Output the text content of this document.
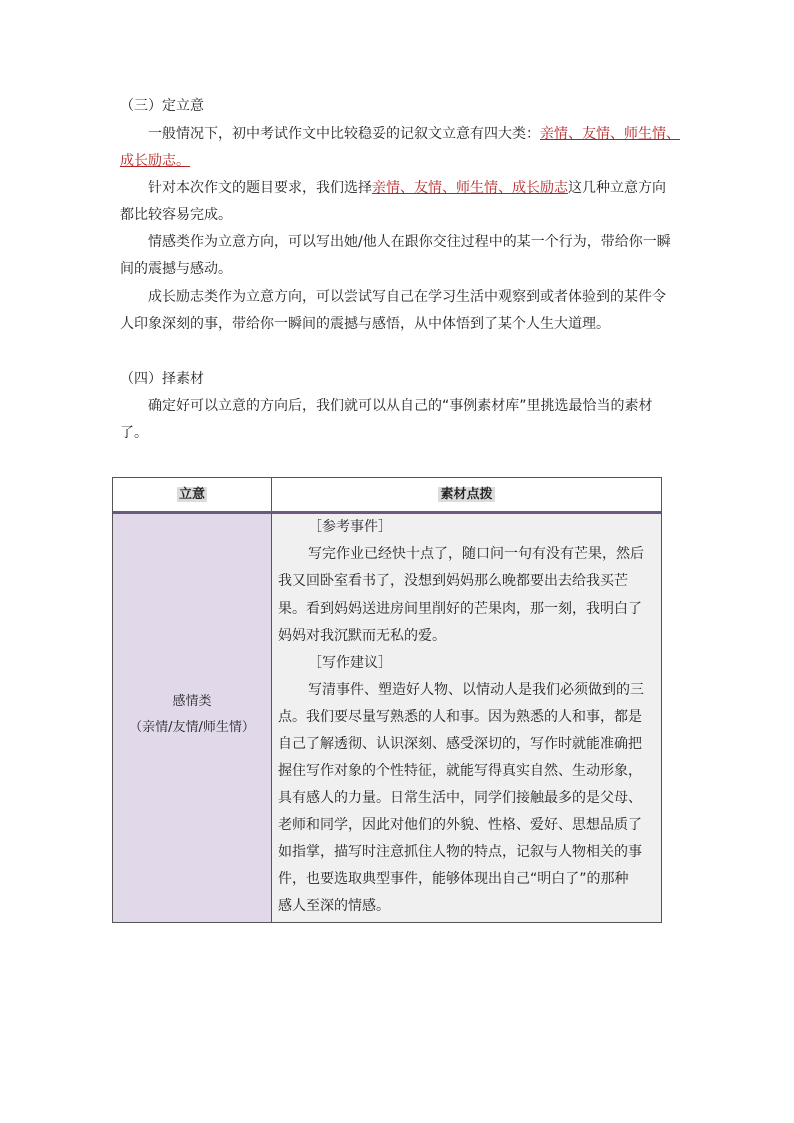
（三）定立意
一般情况下，初中考试作文中比较稳妥的记叙文立意有四大类：亲情、友情、师生情、
成长励志。
针对本次作文的题目要求，我们选择亲情、友情、师生情、成长励志这几种立意方向
都比较容易完成。
情感类作为立意方向，可以写出她/他人在跟你交往过程中的某一个行为，带给你一瞬
间的震撼与感动。
成长励志类作为立意方向，可以尝试写自己在学习生活中观察到或者体验到的某件令
人印象深刻的事，带给你一瞬间的震撼与感悟，从中体悟到了某个人生大道理。
（四）择素材
确定好可以立意的方向后，我们就可以从自己的“事例素材库”里挑选最恰当的素材
了。
立意	素材点拨
感情类
（亲情/友情/师生情）
［参考事件］
写完作业已经快十点了，随口问一句有没有芒果，然后
我又回卧室看书了，没想到妈妈那么晚都要出去给我买芒
果。看到妈妈送进房间里削好的芒果肉，那一刻，我明白了
妈妈对我沉默而无私的爱。
［写作建议］
写清事件、塑造好人物、以情动人是我们必须做到的三
点。我们要尽量写熟悉的人和事。因为熟悉的人和事，都是
自己了解透彻、认识深刻、感受深切的，写作时就能准确把
握住写作对象的个性特征，就能写得真实自然、生动形象，
具有感人的力量。日常生活中，同学们接触最多的是父母、
老师和同学，因此对他们的外貌、性格、爱好、思想品质了
如指掌，描写时注意抓住人物的特点，记叙与人物相关的事
件，也要选取典型事件，能够体现出自己“明白了”的那种
感人至深的情感。
